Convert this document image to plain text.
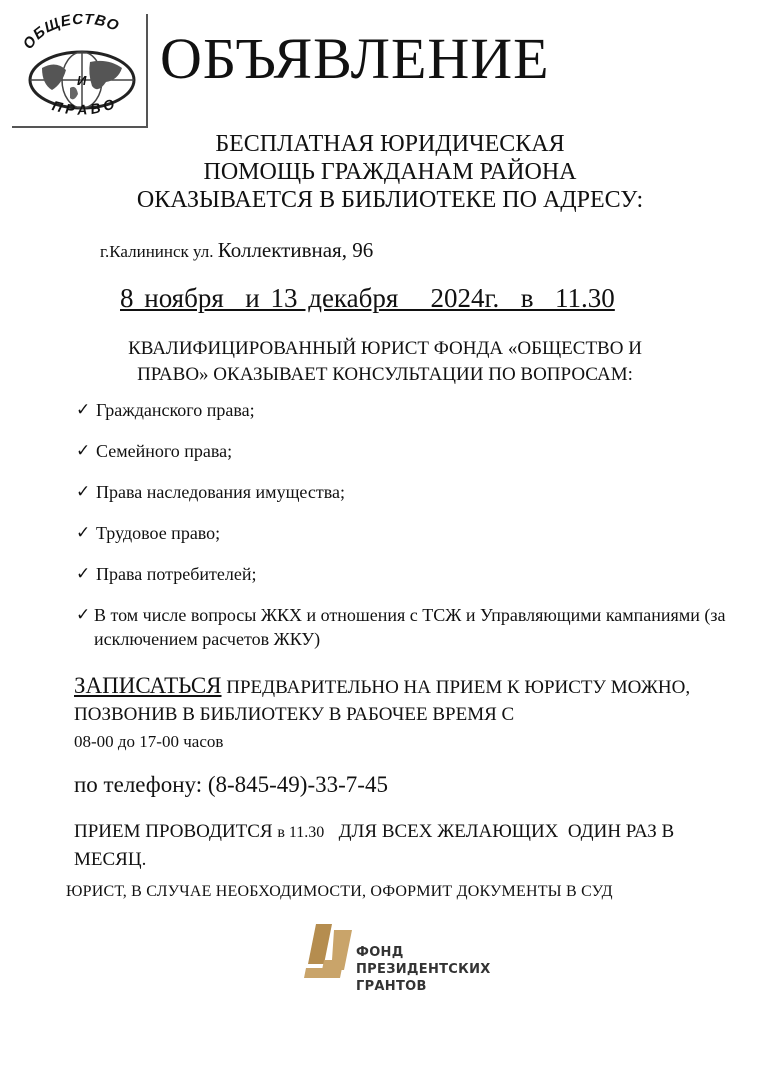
ОБЩЕСТВО
И
ПРАВО
ОБЪЯВЛЕНИЕ
БЕСПЛАТНАЯ ЮРИДИЧЕСКАЯ
ПОМОЩЬ ГРАЖДАНАМ РАЙОНА
ОКАЗЫВАЕТСЯ В БИБЛИОТЕКЕ ПО АДРЕСУ:
г.Калининск ул. Коллективная, 96
8 ноября  и 13 декабря   2024г.  в  11.30
КВАЛИФИЦИРОВАННЫЙ ЮРИСТ ФОНДА «ОБЩЕСТВО И
ПРАВО» ОКАЗЫВАЕТ КОНСУЛЬТАЦИИ ПО ВОПРОСАМ:
✓ Гражданского права;
✓ Семейного права;
✓ Права наследования имущества;
✓ Трудовое право;
✓ Права потребителей;
✓ В том числе вопросы ЖКХ и отношения с ТСЖ и Управляющими кампаниями (за исключением расчетов ЖКУ)
ЗАПИСАТЬСЯ ПРЕДВАРИТЕЛЬНО НА ПРИЕМ К ЮРИСТУ МОЖНО, ПОЗВОНИВ В БИБЛИОТЕКУ В РАБОЧЕЕ ВРЕМЯ С
08-00 до 17-00 часов
по телефону: (8-845-49)-33-7-45
ПРИЕМ ПРОВОДИТСЯ в 11.30   ДЛЯ ВСЕХ ЖЕЛАЮЩИХ  ОДИН РАЗ В МЕСЯЦ.
ЮРИСТ, В СЛУЧАЕ НЕОБХОДИМОСТИ, ОФОРМИТ ДОКУМЕНТЫ В СУД
ФОНД
ПРЕЗИДЕНТСКИХ
ГРАНТОВ
